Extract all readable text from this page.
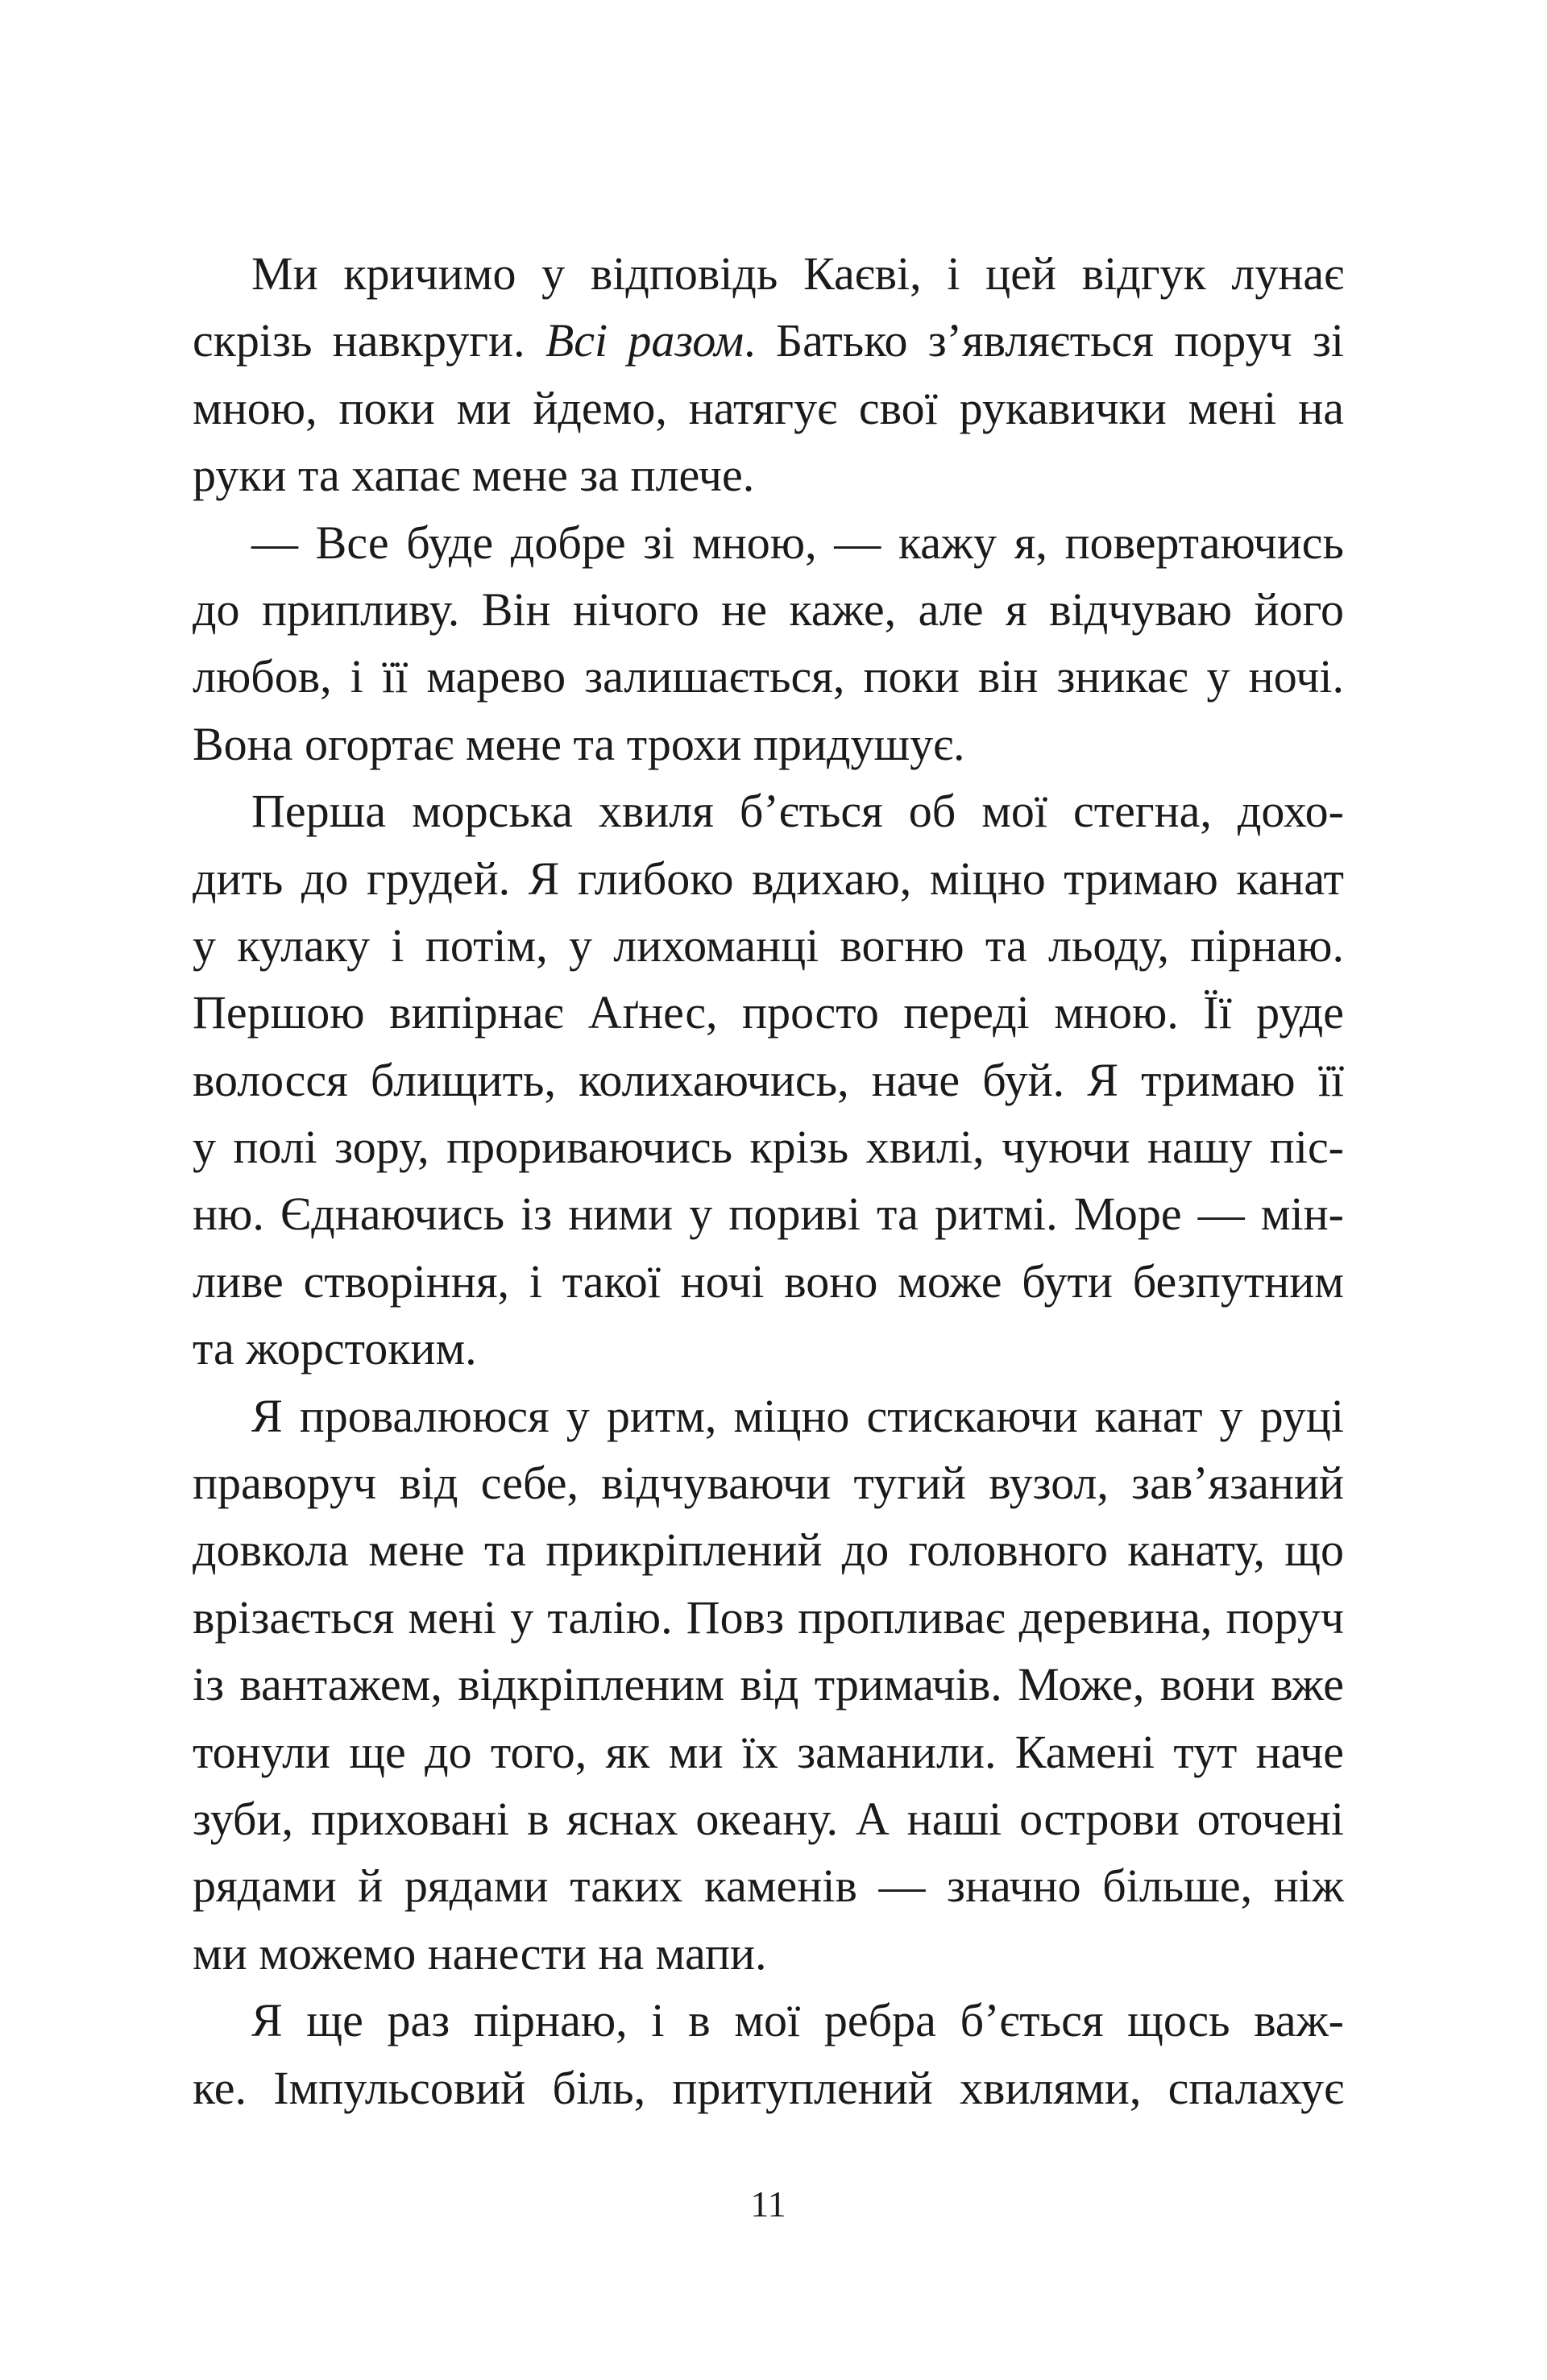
Ми кричимо у відповідь Каєві, і цей відгук лунає
скрізь навкруги. Всі разом. Батько з’являється поруч зі
мною, поки ми йдемо, натягує свої рукавички мені на
руки та хапає мене за плече.
— Все буде добре зі мною, — кажу я, повертаючись
до припливу. Він нічого не каже, але я відчуваю його
любов, і її марево залишається, поки він зникає у ночі.
Вона огортає мене та трохи придушує.
Перша морська хвиля б’ється об мої стегна, дохо-
дить до грудей. Я глибоко вдихаю, міцно тримаю канат
у кулаку і потім, у лихоманці вогню та льоду, пірнаю.
Першою випірнає Аґнес, просто переді мною. Її руде
волосся блищить, колихаючись, наче буй. Я тримаю її
у полі зору, прориваючись крізь хвилі, чуючи нашу піс-
ню. Єднаючись із ними у пориві та ритмі. Море — мін-
ливе створіння, і такої ночі воно може бути безпутним
та жорстоким.
Я провалююся у ритм, міцно стискаючи канат у руці
праворуч від себе, відчуваючи тугий вузол, зав’язаний
довкола мене та прикріплений до головного канату, що
врізається мені у талію. Повз пропливає деревина, поруч
із вантажем, відкріпленим від тримачів. Може, вони вже
тонули ще до того, як ми їх заманили. Камені тут наче
зуби, приховані в яснах океану. А наші острови оточені
рядами й рядами таких каменів — значно більше, ніж
ми можемо нанести на мапи.
Я ще раз пірнаю, і в мої ребра б’ється щось важ-
ке. Імпульсовий біль, притуплений хвилями, спалахує
11
